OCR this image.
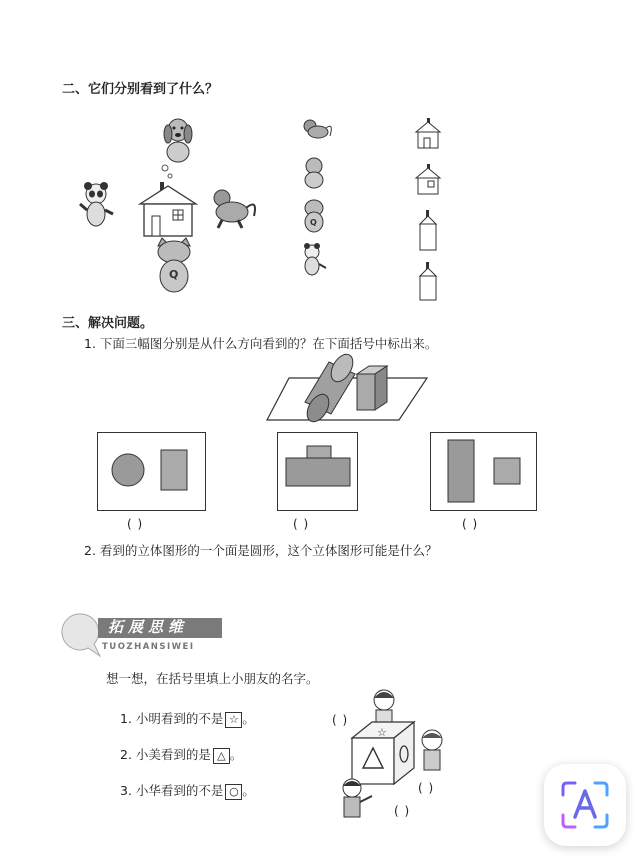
二、它们分别看到了什么？
Q
Q
三、解决问题。
1. 下面三幅图分别是从什么方向看到的？在下面括号中标出来。
( )	( )	( )
2. 看到的立体图形的一个面是圆形，这个立体图形可能是什么？
拓展思维
TUOZHANSIWEI
想一想，在括号里填上小朋友的名字。
1. 小明看到的不是 ☆ 。
2. 小美看到的是 △ 。
3. 小华看到的不是 ○ 。
☆
( )
( )
( )
